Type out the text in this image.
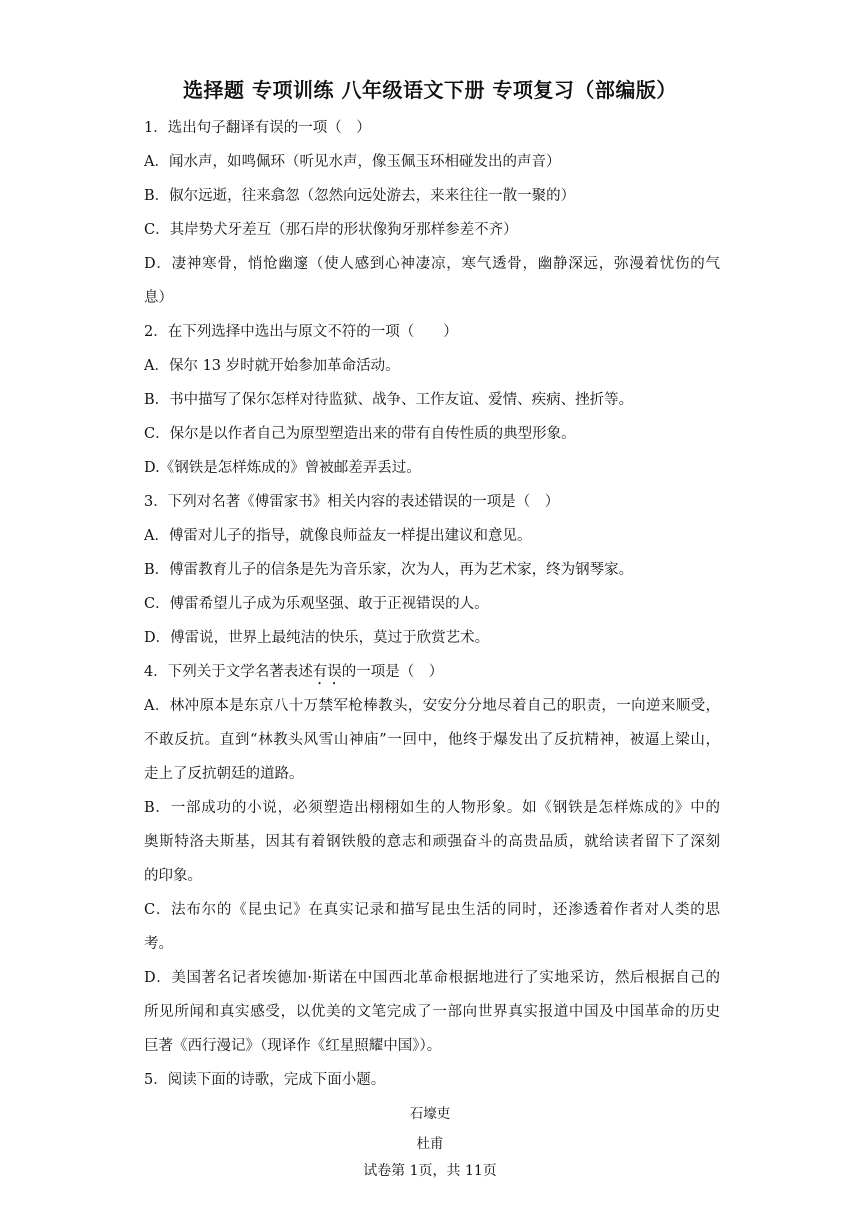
选择题 专项训练 八年级语文下册 专项复习（部编版）
1．选出句子翻译有误的一项（　）
A．闻水声，如鸣佩环（听见水声，像玉佩玉环相碰发出的声音）
B．俶尔远逝，往来翕忽（忽然向远处游去，来来往往一散一聚的）
C．其岸势犬牙差互（那石岸的形状像狗牙那样参差不齐）
D．凄神寒骨，悄怆幽邃（使人感到心神凄凉，寒气透骨，幽静深远，弥漫着忧伤的气
息）
2．在下列选择中选出与原文不符的一项（　　）
A．保尔 13 岁时就开始参加革命活动。
B．书中描写了保尔怎样对待监狱、战争、工作友谊、爱情、疾病、挫折等。
C．保尔是以作者自己为原型塑造出来的带有自传性质的典型形象。
D.《钢铁是怎样炼成的》曾被邮差弄丢过。
3．下列对名著《傅雷家书》相关内容的表述错误的一项是（　）
A．傅雷对儿子的指导，就像良师益友一样提出建议和意见。
B．傅雷教育儿子的信条是先为音乐家，次为人，再为艺术家，终为钢琴家。
C．傅雷希望儿子成为乐观坚强、敢于正视错误的人。
D．傅雷说，世界上最纯洁的快乐，莫过于欣赏艺术。
4．下列关于文学名著表述有误的一项是（　）
A．林冲原本是东京八十万禁军枪棒教头，安安分分地尽着自己的职责，一向逆来顺受，
不敢反抗。直到“林教头风雪山神庙”一回中，他终于爆发出了反抗精神，被逼上梁山，
走上了反抗朝廷的道路。
B．一部成功的小说，必须塑造出栩栩如生的人物形象。如《钢铁是怎样炼成的》中的
奥斯特洛夫斯基，因其有着钢铁般的意志和顽强奋斗的高贵品质，就给读者留下了深刻
的印象。
C．法布尔的《昆虫记》在真实记录和描写昆虫生活的同时，还渗透着作者对人类的思
考。
D．美国著名记者埃德加·斯诺在中国西北革命根据地进行了实地采访，然后根据自己的
所见所闻和真实感受，以优美的文笔完成了一部向世界真实报道中国及中国革命的历史
巨著《西行漫记》（现译作《红星照耀中国》）。
5．阅读下面的诗歌，完成下面小题。
石壕吏
杜甫
试卷第 1页，共 11页
